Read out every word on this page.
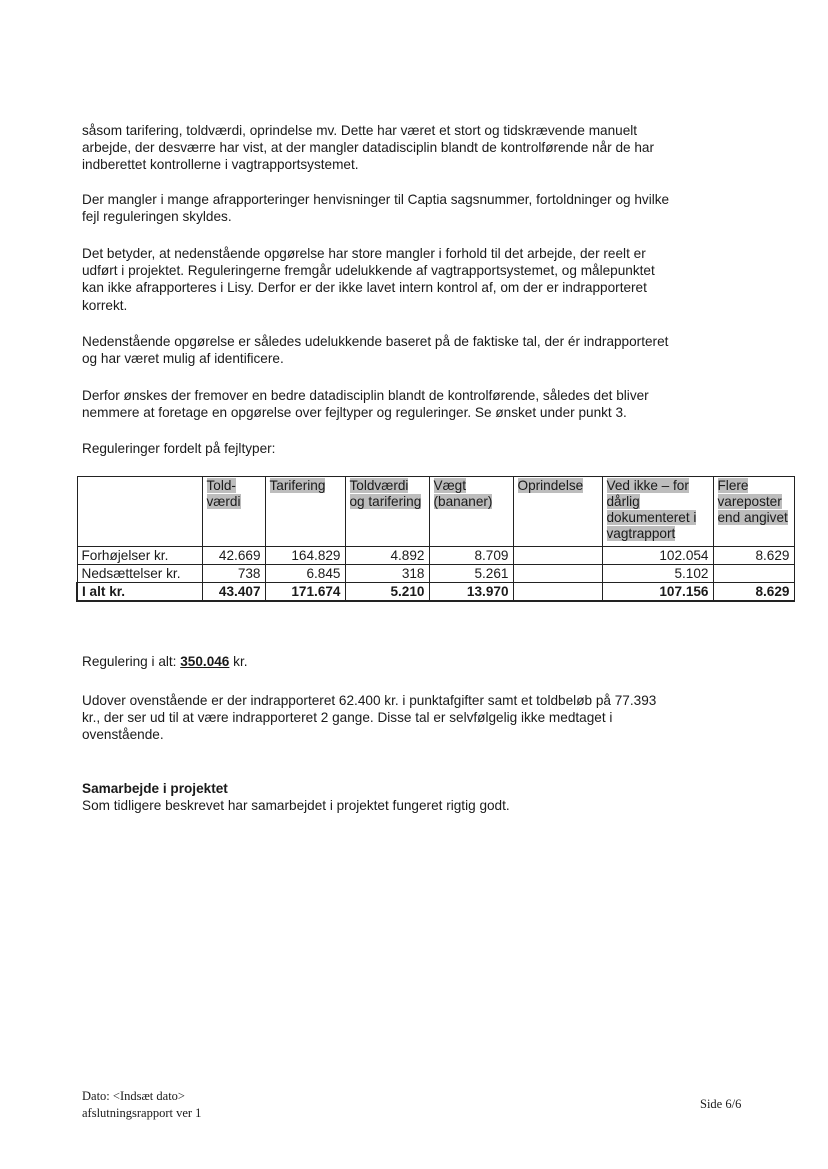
såsom tarifering, toldværdi, oprindelse mv. Dette har været et stort og tidskrævende manuelt
arbejde, der desværre har vist, at der mangler datadisciplin blandt de kontrolførende når de har
indberettet kontrollerne i vagtrapportsystemet.

Der mangler i mange afrapporteringer henvisninger til Captia sagsnummer, fortoldninger og hvilke
fejl reguleringen skyldes.

Det betyder, at nedenstående opgørelse har store mangler i forhold til det arbejde, der reelt er
udført i projektet. Reguleringerne fremgår udelukkende af vagtrapportsystemet, og målepunktet
kan ikke afrapporteres i Lisy. Derfor er der ikke lavet intern kontrol af, om der er indrapporteret
korrekt.

Nedenstående opgørelse er således udelukkende baseret på de faktiske tal, der ér indrapporteret
og har været mulig af identificere.

Derfor ønskes der fremover en bedre datadisciplin blandt de kontrolførende, således det bliver
nemmere at foretage en opgørelse over fejltyper og reguleringer. Se ønsket under punkt 3.

Reguleringer fordelt på fejltyper:

	Told-værdi	Tarifering	Toldværdi og tarifering	Vægt (bananer)	Oprindelse	Ved ikke – for dårlig dokumenteret i vagtrapport	Flere vareposter end angivet
Forhøjelser kr.	42.669	164.829	4.892	8.709		102.054	8.629
Nedsættelser kr.	738	6.845	318	5.261		5.102	
I alt kr.	43.407	171.674	5.210	13.970		107.156	8.629

Regulering i alt: 350.046 kr.

Udover ovenstående er der indrapporteret 62.400 kr. i punktafgifter samt et toldbeløb på 77.393
kr., der ser ud til at være indrapporteret 2 gange. Disse tal er selvfølgelig ikke medtaget i
ovenstående.

Samarbejde i projektet
Som tidligere beskrevet har samarbejdet i projektet fungeret rigtig godt.

Dato: <Indsæt dato>
afslutningsrapport ver 1
Side 6/6
